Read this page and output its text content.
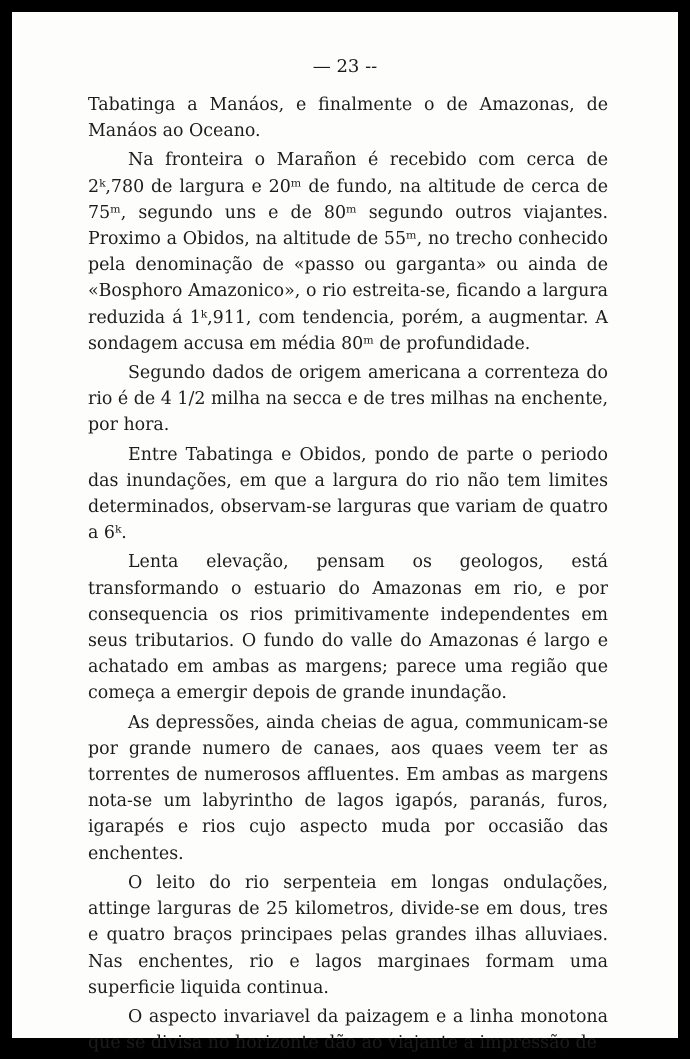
— 23 --

Tabatinga a Manáos, e finalmente o de Amazonas, de Manáos ao Oceano.

Na fronteira o Marañon é recebido com cerca de 2ᵏ,780 de largura e 20ᵐ de fundo, na altitude de cerca de 75ᵐ, segundo uns e de 80ᵐ segundo outros viajantes. Proximo a Obidos, na altitude de 55ᵐ, no trecho conhecido pela denominação de «passo ou garganta» ou ainda de «Bosphoro Amazonico», o rio estreita-se, ficando a largura reduzida á 1ᵏ,911, com tendencia, porém, a augmentar. A sondagem accusa em média 80ᵐ de profundidade.

Segundo dados de origem americana a correnteza do rio é de 4 1/2 milha na secca e de tres milhas na enchente, por hora.

Entre Tabatinga e Obidos, pondo de parte o periodo das inundações, em que a largura do rio não tem limites determinados, observam-se larguras que variam de quatro a 6ᵏ.

Lenta elevação, pensam os geologos, está transformando o estuario do Amazonas em rio, e por consequencia os rios primitivamente independentes em seus tributarios. O fundo do valle do Amazonas é largo e achatado em ambas as margens; parece uma região que começa a emergir depois de grande inundação.

As depressões, ainda cheias de agua, communicam-se por grande numero de canaes, aos quaes veem ter as torrentes de numerosos affluentes. Em ambas as margens nota-se um labyrintho de lagos igapós, paranás, furos, igarapés e rios cujo aspecto muda por occasião das enchentes.

O leito do rio serpenteia em longas ondulações, attinge larguras de 25 kilometros, divide-se em dous, tres e quatro braços principaes pelas grandes ilhas alluviaes. Nas enchentes, rio e lagos marginaes formam uma superficie liquida continua.

O aspecto invariavel da paizagem e a linha monotona que se divisa no horizonte dão ao viajante a impressão de
